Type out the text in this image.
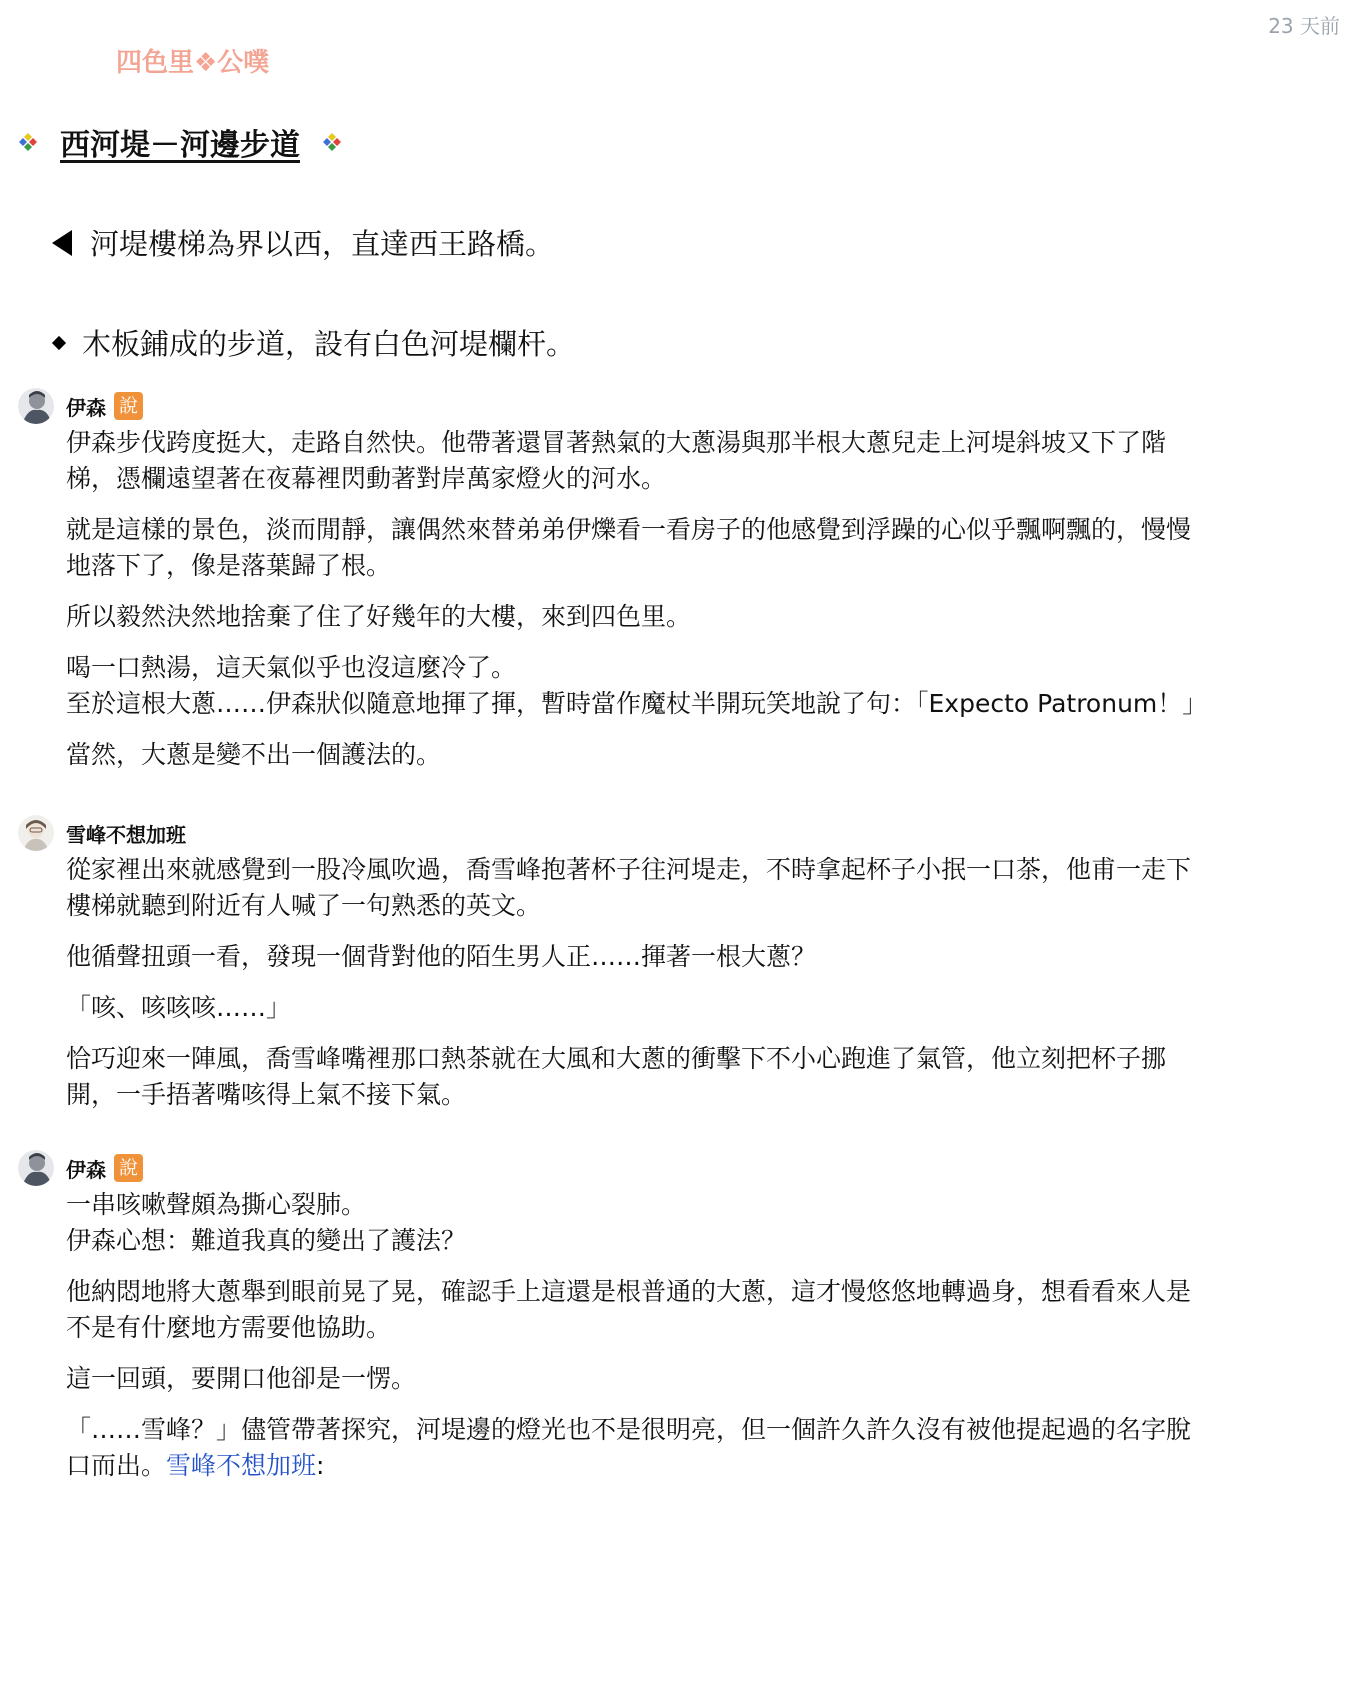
23 天前
四色里❖公噗
西河堤－河邊步道
河堤樓梯為界以西，直達西王路橋。
木板鋪成的步道，設有白色河堤欄杆。
伊森 說

伊森步伐跨度挺大，走路自然快。他帶著還冒著熱氣的大蔥湯與那半根大蔥兒走上河堤斜坡又下了階
梯，憑欄遠望著在夜幕裡閃動著對岸萬家燈火的河水。

就是這樣的景色，淡而閒靜，讓偶然來替弟弟伊爍看一看房子的他感覺到浮躁的心似乎飄啊飄的，慢慢
地落下了，像是落葉歸了根。

所以毅然決然地捨棄了住了好幾年的大樓，來到四色里。

喝一口熱湯，這天氣似乎也沒這麼冷了。
至於這根大蔥……伊森狀似隨意地揮了揮，暫時當作魔杖半開玩笑地說了句：「Expecto Patronum！」

當然，大蔥是變不出一個護法的。

雪峰不想加班

從家裡出來就感覺到一股冷風吹過，喬雪峰抱著杯子往河堤走，不時拿起杯子小抿一口茶，他甫一走下
樓梯就聽到附近有人喊了一句熟悉的英文。

他循聲扭頭一看，發現一個背對他的陌生男人正……揮著一根大蔥？

「咳、咳咳咳……」

恰巧迎來一陣風，喬雪峰嘴裡那口熱茶就在大風和大蔥的衝擊下不小心跑進了氣管，他立刻把杯子挪
開，一手捂著嘴咳得上氣不接下氣。

伊森 說

一串咳嗽聲頗為撕心裂肺。
伊森心想：難道我真的變出了護法？

他納悶地將大蔥舉到眼前晃了晃，確認手上這還是根普通的大蔥，這才慢悠悠地轉過身，想看看來人是
不是有什麼地方需要他協助。

這一回頭，要開口他卻是一愣。

「……雪峰？」儘管帶著探究，河堤邊的燈光也不是很明亮，但一個許久許久沒有被他提起過的名字脫
口而出。雪峰不想加班:
